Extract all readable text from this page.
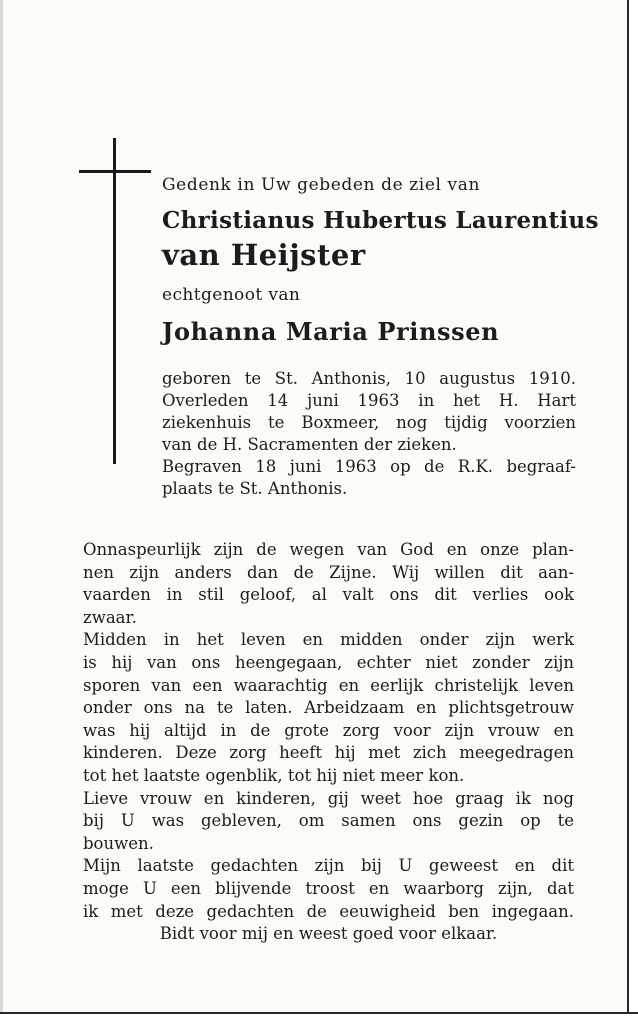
Gedenk in Uw gebeden de ziel van
Christianus Hubertus Laurentius
van Heijster
echtgenoot van
Johanna Maria Prinssen
geboren te St. Anthonis, 10 augustus 1910.
Overleden 14 juni 1963 in het H. Hart
ziekenhuis te Boxmeer, nog tijdig voorzien
van de H. Sacramenten der zieken.
Begraven 18 juni 1963 op de R.K. begraaf-
plaats te St. Anthonis.
Onnaspeurlijk zijn de wegen van God en onze plan-
nen zijn anders dan de Zijne. Wij willen dit aan-
vaarden in stil geloof, al valt ons dit verlies ook
zwaar.
Midden in het leven en midden onder zijn werk
is hij van ons heengegaan, echter niet zonder zijn
sporen van een waarachtig en eerlijk christelijk leven
onder ons na te laten. Arbeidzaam en plichtsgetrouw
was hij altijd in de grote zorg voor zijn vrouw en
kinderen. Deze zorg heeft hij met zich meegedragen
tot het laatste ogenblik, tot hij niet meer kon.
Lieve vrouw en kinderen, gij weet hoe graag ik nog
bij U was gebleven, om samen ons gezin op te
bouwen.
Mijn laatste gedachten zijn bij U geweest en dit
moge U een blijvende troost en waarborg zijn, dat
ik met deze gedachten de eeuwigheid ben ingegaan.
Bidt voor mij en weest goed voor elkaar.
